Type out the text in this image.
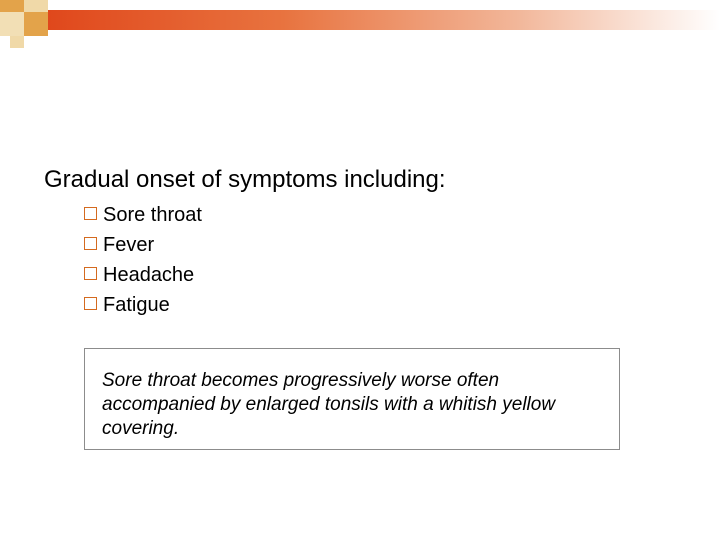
Gradual onset of symptoms including:
Sore throat
Fever
Headache
Fatigue

Sore throat becomes progressively worse often accompanied by enlarged tonsils with a whitish yellow covering.
